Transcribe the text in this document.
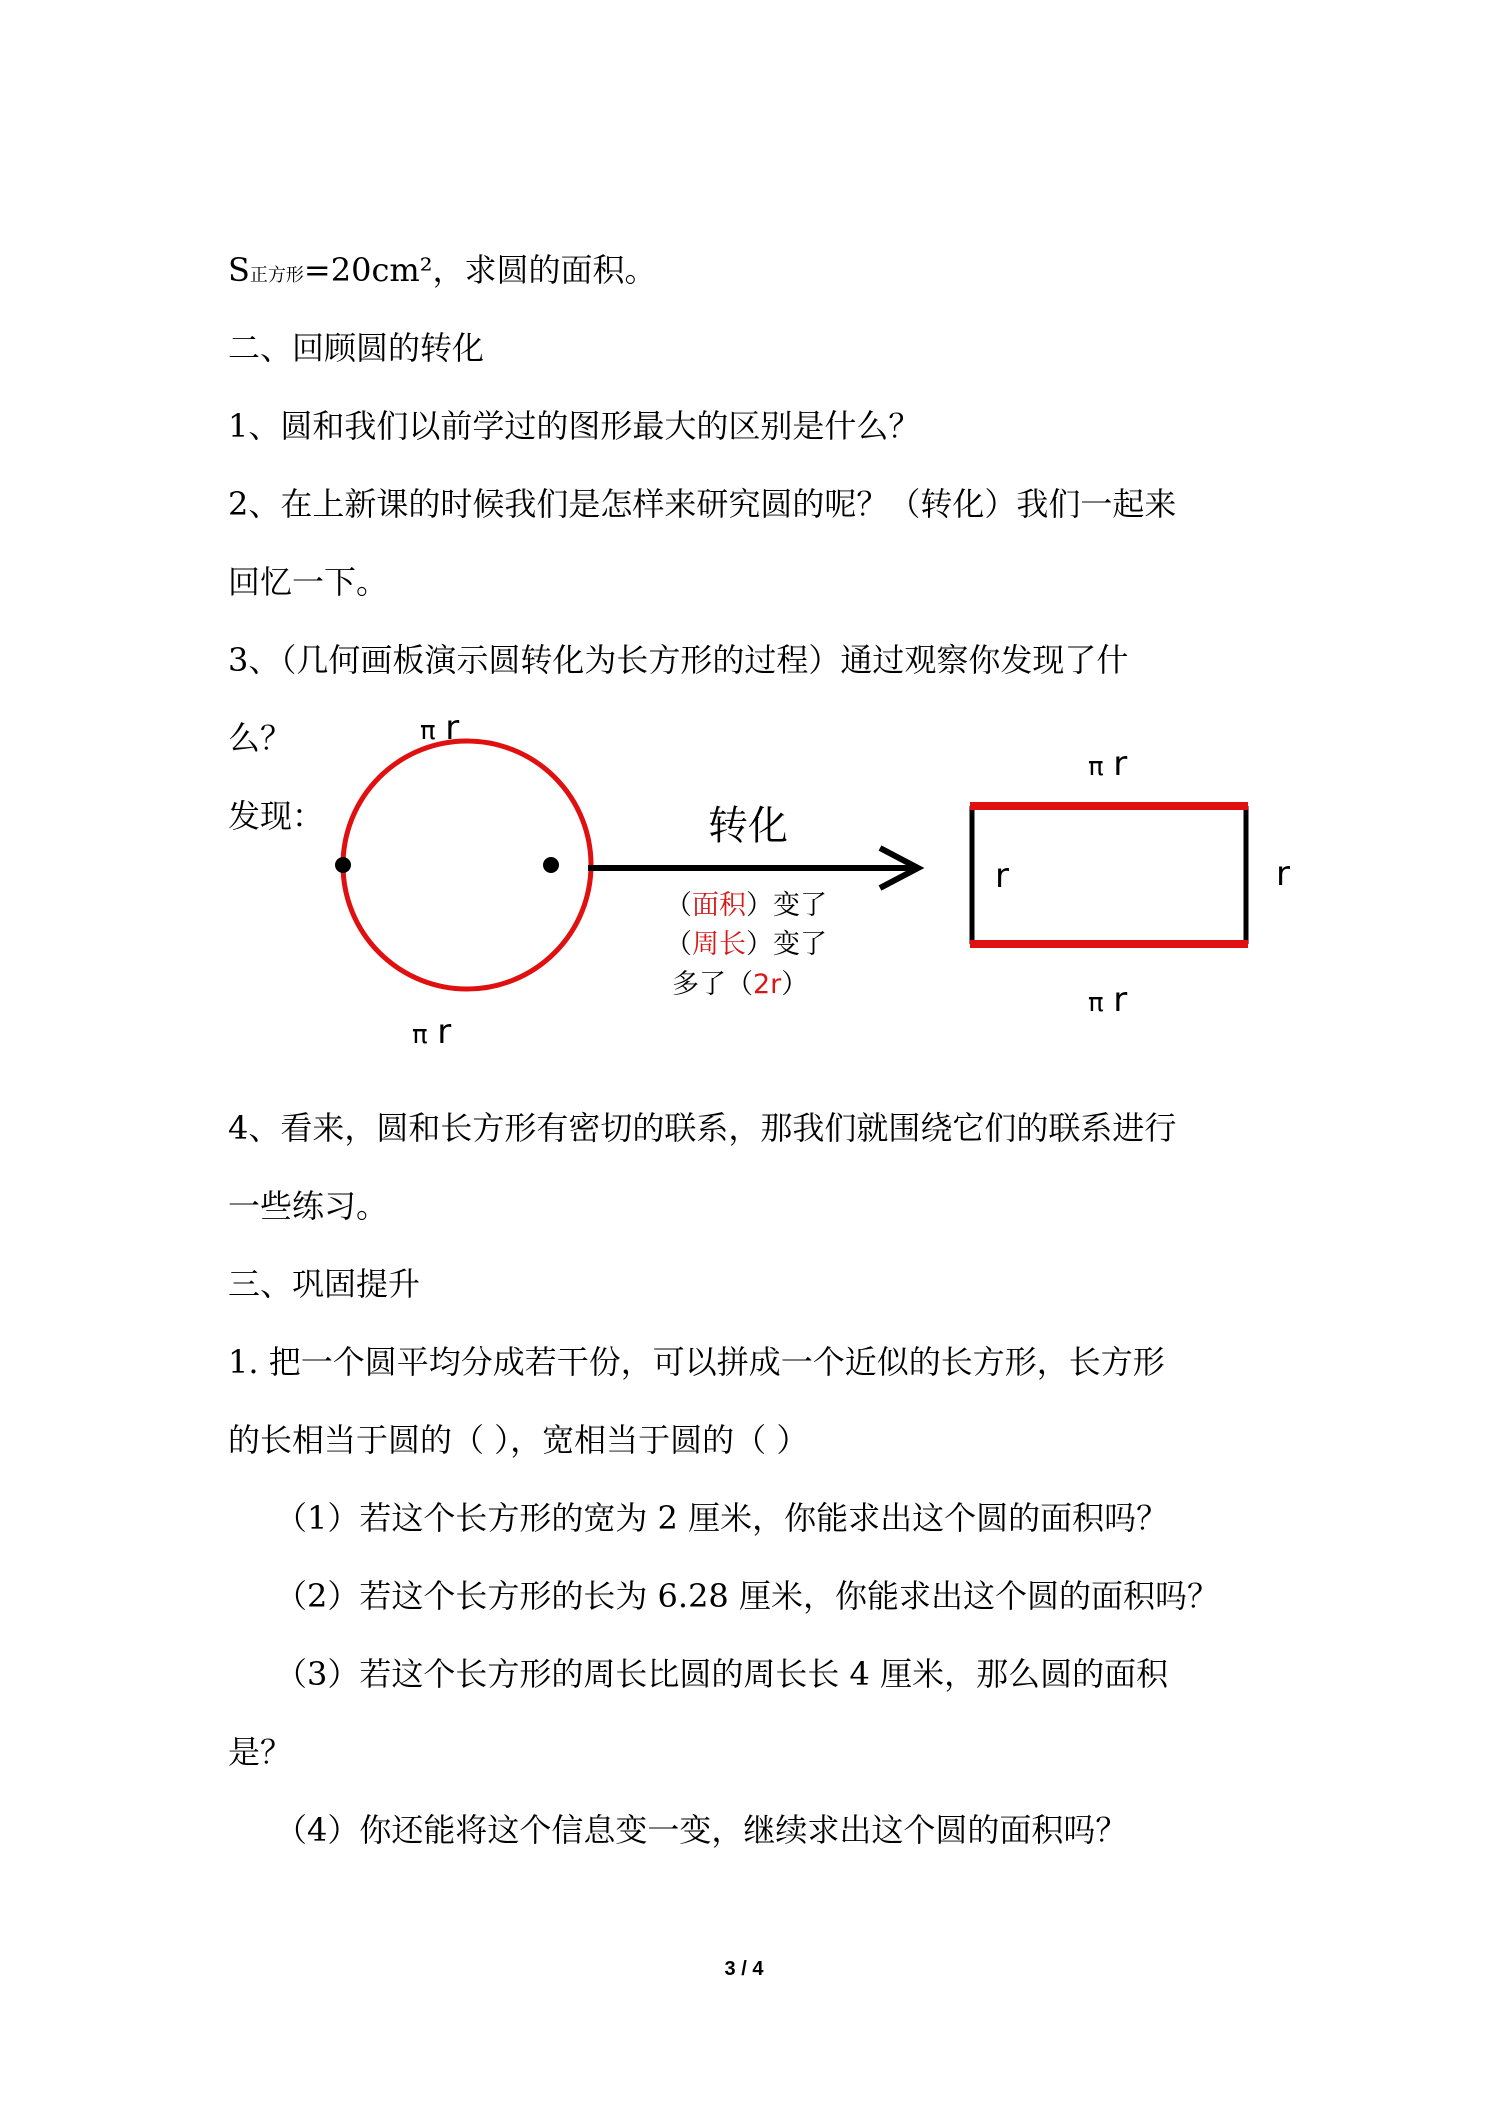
S正方形=20cm²，求圆的面积。
二、回顾圆的转化
1、圆和我们以前学过的图形最大的区别是什么？
2、在上新课的时候我们是怎样来研究圆的呢？（转化）我们一起来
回忆一下。
3、（几何画板演示圆转化为长方形的过程）通过观察你发现了什
么？
发现：
π r
π r
转化
（面积）变了
（周长）变了
多了（2r）
π r
π r
r	r
4、看来，圆和长方形有密切的联系，那我们就围绕它们的联系进行
一些练习。
三、巩固提升
1. 把一个圆平均分成若干份，可以拼成一个近似的长方形，长方形
的长相当于圆的（ ），宽相当于圆的（ ）
（1）若这个长方形的宽为 2 厘米，你能求出这个圆的面积吗？
（2）若这个长方形的长为 6.28 厘米，你能求出这个圆的面积吗？
（3）若这个长方形的周长比圆的周长长 4 厘米，那么圆的面积
是？
（4）你还能将这个信息变一变，继续求出这个圆的面积吗？
3 / 4
